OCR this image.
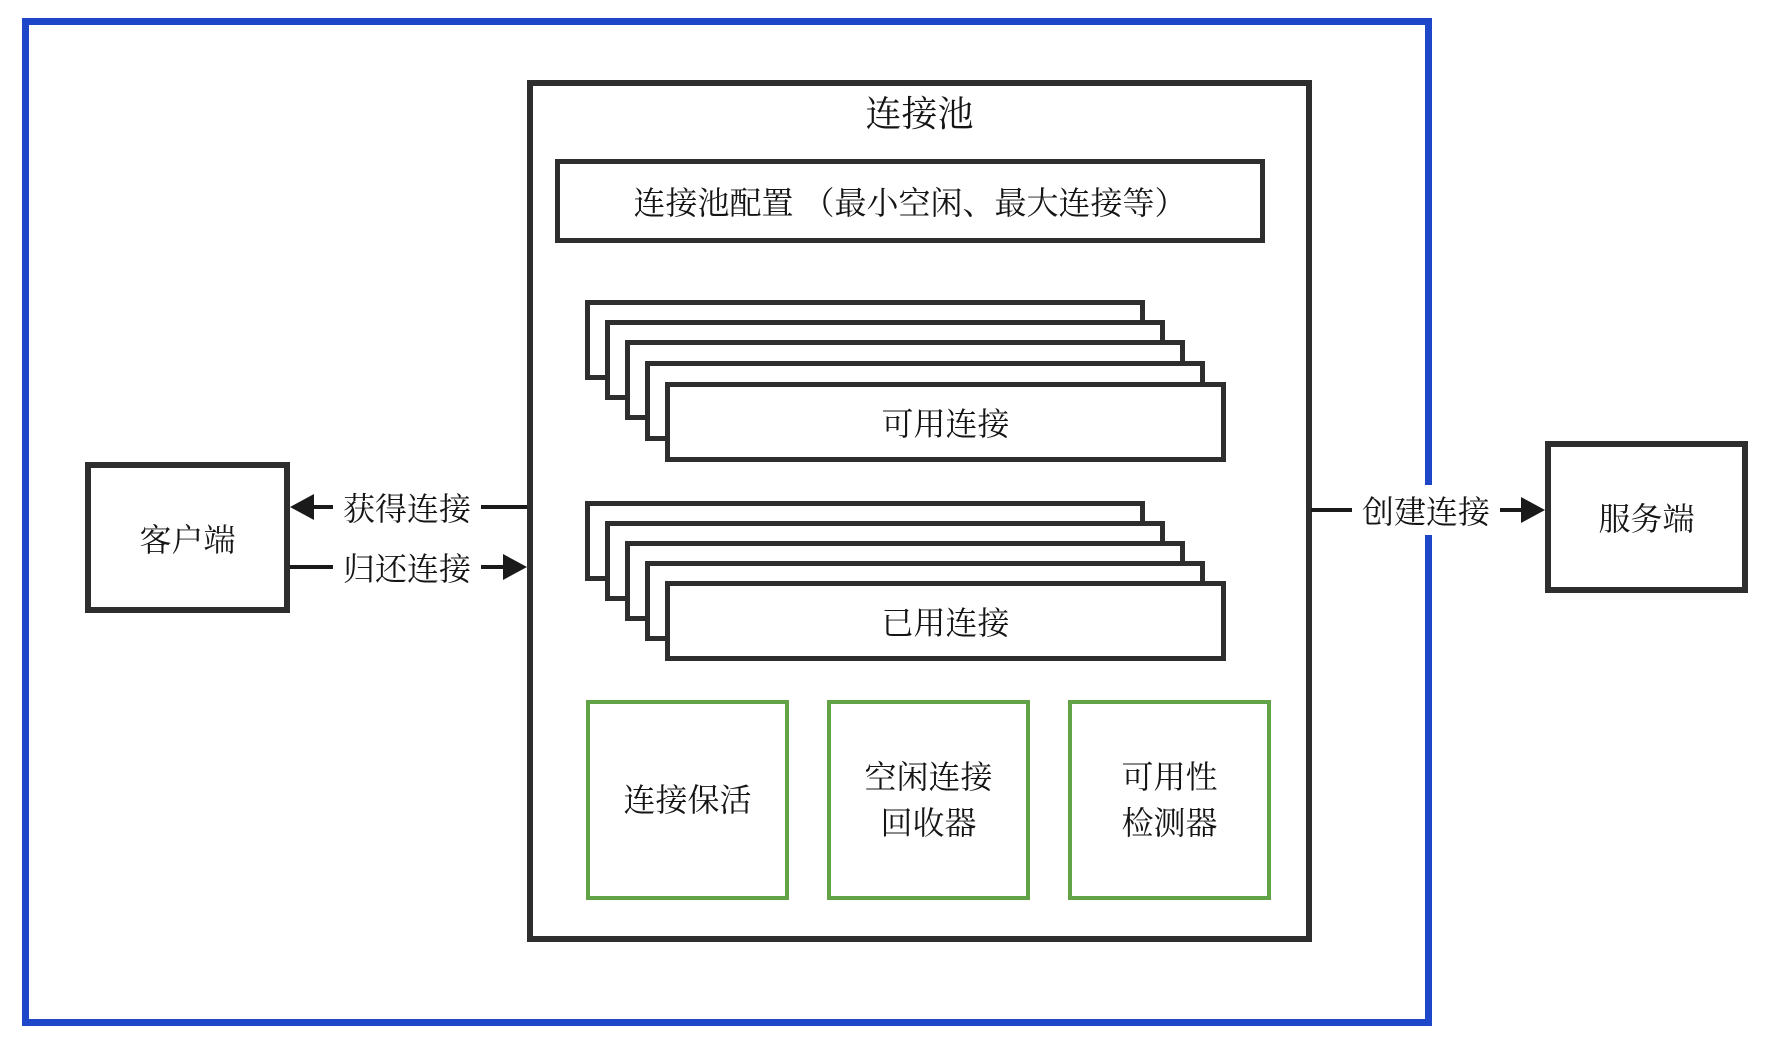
连接池
连接池配置 （最小空闲、最大连接等）
可用连接
已用连接
连接保活
空闲连接
回收器
可用性
检测器
客户端
服务端
获得连接
归还连接
创建连接
